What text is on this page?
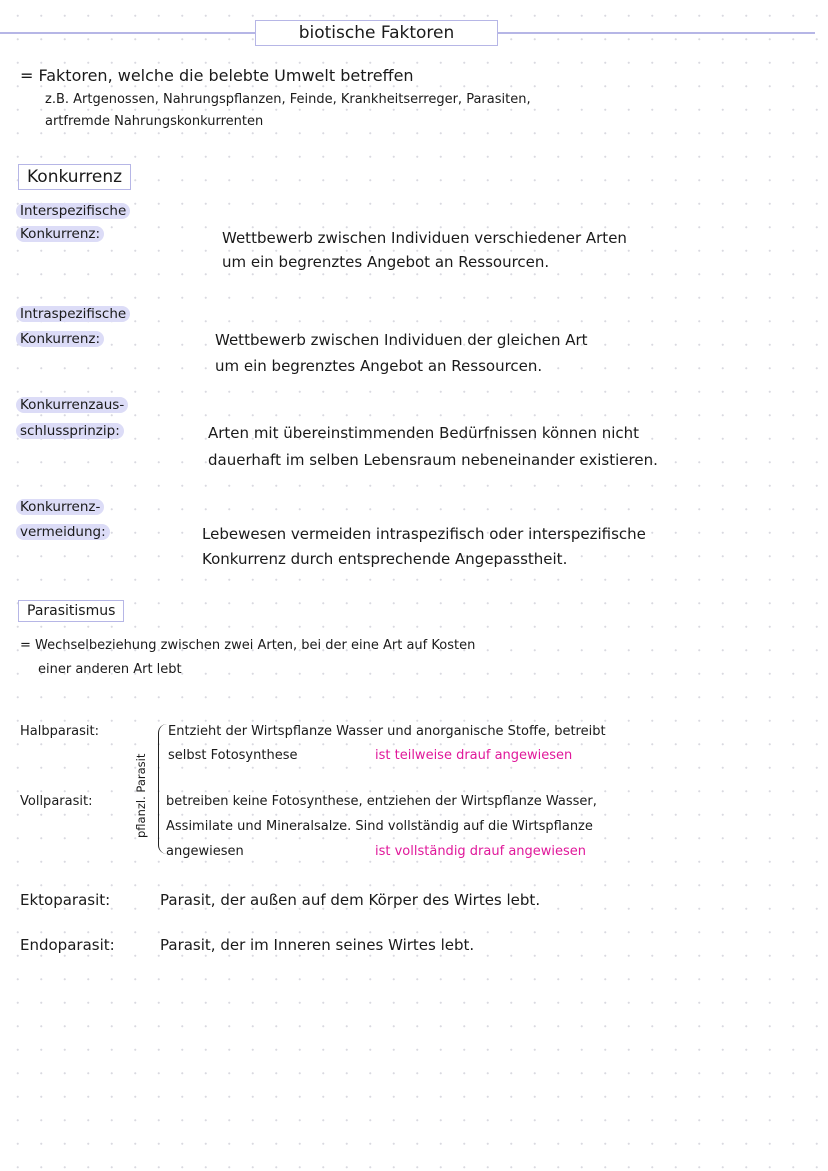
biotische Faktoren
= Faktoren, welche die belebte Umwelt betreffen
z.B. Artgenossen, Nahrungspflanzen, Feinde, Krankheitserreger, Parasiten,
artfremde Nahrungskonkurrenten
Konkurrenz
Interspezifische
Konkurrenz:	Wettbewerb zwischen Individuen verschiedener Arten
um ein begrenztes Angebot an Ressourcen.
Intraspezifische
Konkurrenz:	Wettbewerb zwischen Individuen der gleichen Art
um ein begrenztes Angebot an Ressourcen.
Konkurrenzaus-
schlussprinzip:	Arten mit übereinstimmenden Bedürfnissen können nicht
dauerhaft im selben Lebensraum nebeneinander existieren.
Konkurrenz-
vermeidung:	Lebewesen vermeiden intraspezifisch oder interspezifische
Konkurrenz durch entsprechende Angepasstheit.
Parasitismus
= Wechselbeziehung zwischen zwei Arten, bei der eine Art auf Kosten
einer anderen Art lebt
pflanzl. Parasit
Halbparasit:	Entzieht der Wirtspflanze Wasser und anorganische Stoffe, betreibt
selbst Fotosynthese	ist teilweise drauf angewiesen
Vollparasit:	betreiben keine Fotosynthese, entziehen der Wirtspflanze Wasser,
Assimilate und Mineralsalze. Sind vollständig auf die Wirtspflanze
angewiesen	ist vollständig drauf angewiesen
Ektoparasit:	Parasit, der außen auf dem Körper des Wirtes lebt.
Endoparasit:	Parasit, der im Inneren seines Wirtes lebt.
